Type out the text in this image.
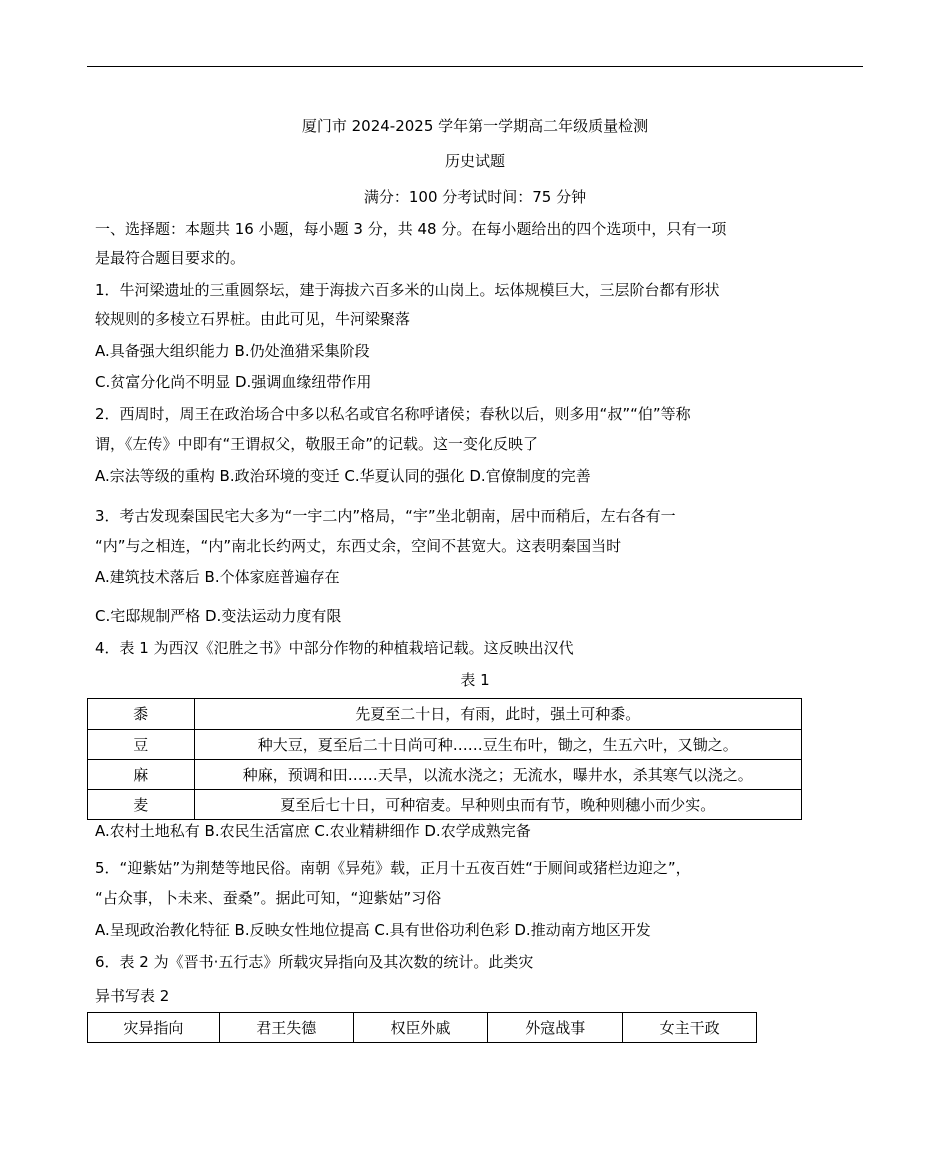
厦门市 2024-2025 学年第一学期高二年级质量检测
历史试题
满分：100 分考试时间：75 分钟
一、选择题：本题共 16 小题，每小题 3 分，共 48 分。在每小题给出的四个选项中，只有一项
是最符合题目要求的。
1．牛河梁遗址的三重圆祭坛，建于海拔六百多米的山岗上。坛体规模巨大，三层阶台都有形状
较规则的多棱立石界桩。由此可见，牛河梁聚落
A.具备强大组织能力 B.仍处渔猎采集阶段
C.贫富分化尚不明显 D.强调血缘纽带作用
2．西周时，周王在政治场合中多以私名或官名称呼诸侯；春秋以后，则多用“叔”“伯”等称
谓，《左传》中即有“王谓叔父，敬服王命”的记载。这一变化反映了
A.宗法等级的重构 B.政治环境的变迁 C.华夏认同的强化 D.官僚制度的完善
3．考古发现秦国民宅大多为“一宇二内”格局，“宇”坐北朝南，居中而稍后，左右各有一
“内”与之相连，“内”南北长约两丈，东西丈余，空间不甚宽大。这表明秦国当时
A.建筑技术落后 B.个体家庭普遍存在
C.宅邸规制严格 D.变法运动力度有限
4．表 1 为西汉《氾胜之书》中部分作物的种植栽培记载。这反映出汉代
表 1
黍	先夏至二十日，有雨，此时，强土可种黍。
豆	种大豆，夏至后二十日尚可种……豆生布叶，锄之，生五六叶，又锄之。
麻	种麻，预调和田……天旱，以流水浇之；无流水，曝井水，杀其寒气以浇之。
麦	夏至后七十日，可种宿麦。早种则虫而有节，晚种则穗小而少实。
A.农村土地私有 B.农民生活富庶 C.农业精耕细作 D.农学成熟完备
5．“迎紫姑”为荆楚等地民俗。南朝《异苑》载，正月十五夜百姓“于厕间或猪栏边迎之”，
“占众事，卜未来、蚕桑”。据此可知，“迎紫姑”习俗
A.呈现政治教化特征 B.反映女性地位提高 C.具有世俗功利色彩 D.推动南方地区开发
6．表 2 为《晋书·五行志》所载灾异指向及其次数的统计。此类灾
异书写表 2
灾异指向	君王失德	权臣外戚	外寇战事	女主干政
